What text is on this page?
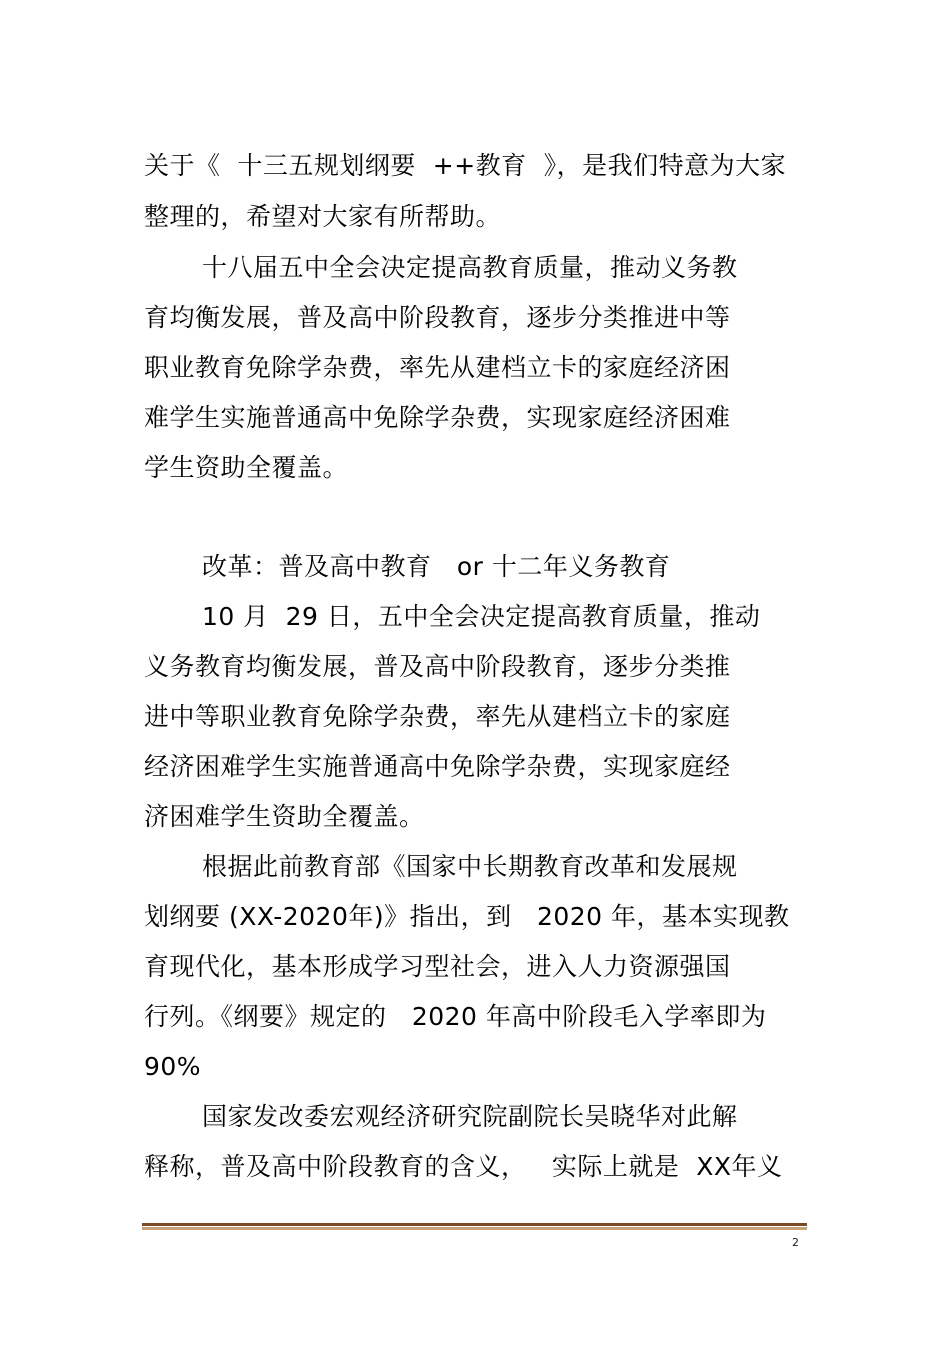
关于《  十三五规划纲要  ++教育  》，是我们特意为大家
整理的，希望对大家有所帮助。
十八届五中全会决定提高教育质量，推动义务教
育均衡发展，普及高中阶段教育，逐步分类推进中等
职业教育免除学杂费，率先从建档立卡的家庭经济困
难学生实施普通高中免除学杂费，实现家庭经济困难
学生资助全覆盖。
改革：普及高中教育   or 十二年义务教育
10 月  29 日，五中全会决定提高教育质量，推动
义务教育均衡发展，普及高中阶段教育，逐步分类推
进中等职业教育免除学杂费，率先从建档立卡的家庭
经济困难学生实施普通高中免除学杂费，实现家庭经
济困难学生资助全覆盖。
根据此前教育部《国家中长期教育改革和发展规
划纲要 (XX-2020年)》指出，到   2020 年，基本实现教
育现代化，基本形成学习型社会，进入人力资源强国
行列。《纲要》规定的   2020 年高中阶段毛入学率即为
90%
国家发改委宏观经济研究院副院长吴晓华对此解
释称，普及高中阶段教育的含义，   实际上就是  XX年义
2
